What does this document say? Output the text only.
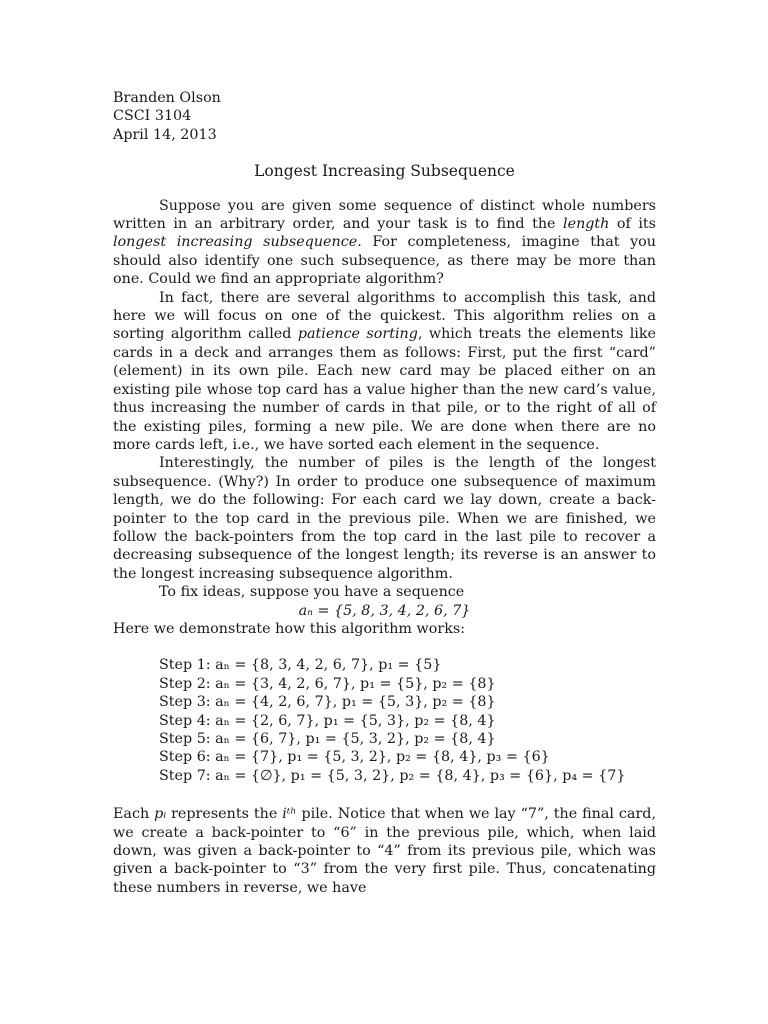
Branden Olson
CSCI 3104
April 14, 2013
Longest Increasing Subsequence

Suppose you are given some sequence of distinct whole numbers written in an arbitrary order, and your task is to find the length of its longest increasing subsequence. For completeness, imagine that you should also identify one such subsequence, as there may be more than one. Could we find an appropriate algorithm?

In fact, there are several algorithms to accomplish this task, and here we will focus on one of the quickest. This algorithm relies on a sorting algorithm called patience sorting, which treats the elements like cards in a deck and arranges them as follows: First, put the first “card” (element) in its own pile. Each new card may be placed either on an existing pile whose top card has a value higher than the new card’s value, thus increasing the number of cards in that pile, or to the right of all of the existing piles, forming a new pile. We are done when there are no more cards left, i.e., we have sorted each element in the sequence.

Interestingly, the number of piles is the length of the longest subsequence. (Why?) In order to produce one subsequence of maximum length, we do the following: For each card we lay down, create a back-pointer to the top card in the previous pile. When we are finished, we follow the back-pointers from the top card in the last pile to recover a decreasing subsequence of the longest length; its reverse is an answer to the longest increasing subsequence algorithm.

To fix ideas, suppose you have a sequence

aₙ = {5, 8, 3, 4, 2, 6, 7}

Here we demonstrate how this algorithm works:

Step 1: aₙ = {8, 3, 4, 2, 6, 7}, p₁ = {5}
Step 2: aₙ = {3, 4, 2, 6, 7}, p₁ = {5}, p₂ = {8}
Step 3: aₙ = {4, 2, 6, 7}, p₁ = {5, 3}, p₂ = {8}
Step 4: aₙ = {2, 6, 7}, p₁ = {5, 3}, p₂ = {8, 4}
Step 5: aₙ = {6, 7}, p₁ = {5, 3, 2}, p₂ = {8, 4}
Step 6: aₙ = {7}, p₁ = {5, 3, 2}, p₂ = {8, 4}, p₃ = {6}
Step 7: aₙ = {∅}, p₁ = {5, 3, 2}, p₂ = {8, 4}, p₃ = {6}, p₄ = {7}

Each pᵢ represents the iᵗʰ pile. Notice that when we lay “7”, the final card, we create a back-pointer to “6” in the previous pile, which, when laid down, was given a back-pointer to “4” from its previous pile, which was given a back-pointer to “3” from the very first pile. Thus, concatenating these numbers in reverse, we have
